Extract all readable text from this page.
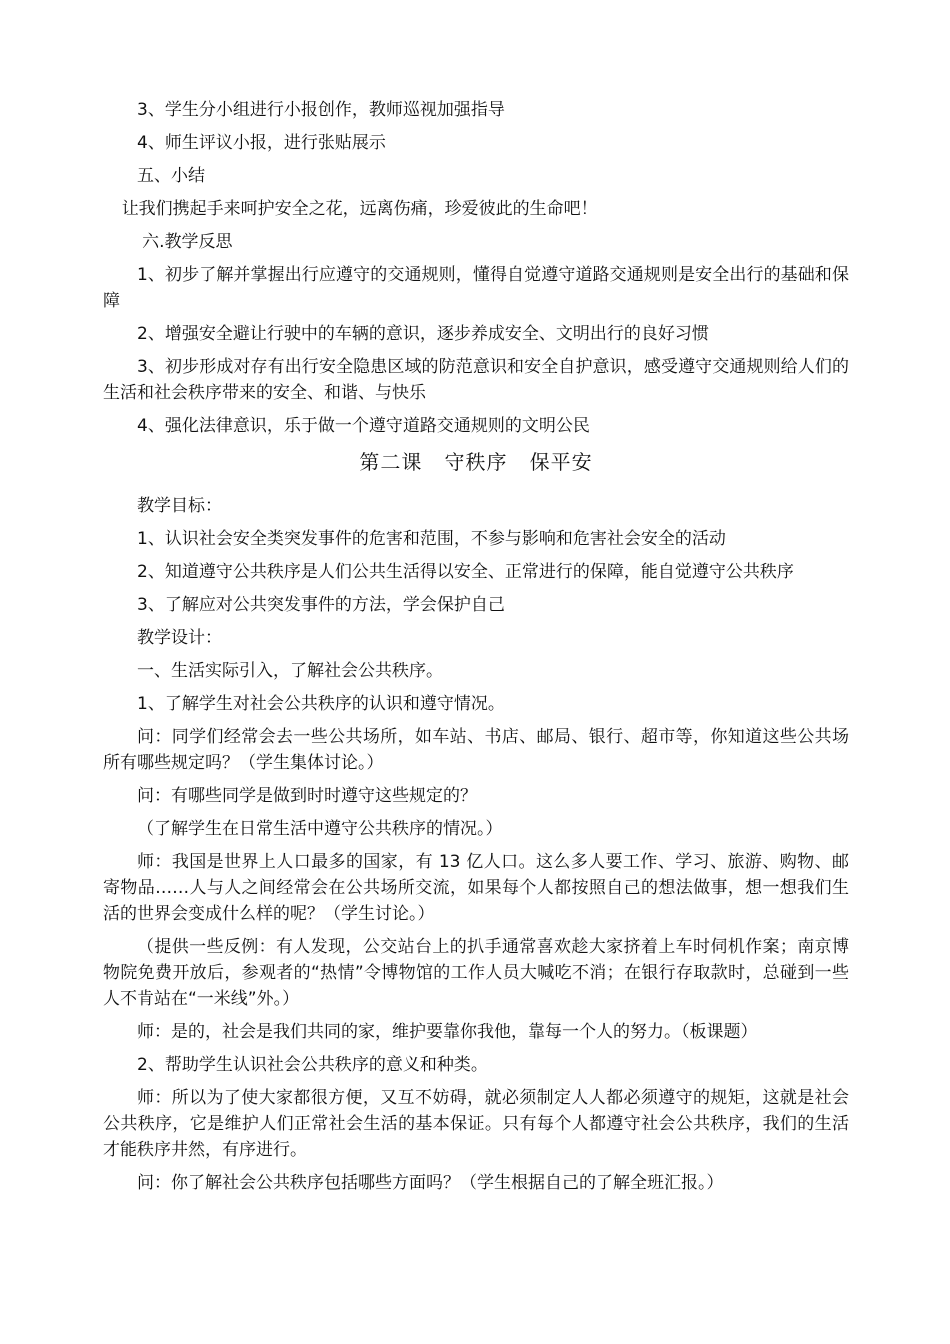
3、学生分小组进行小报创作，教师巡视加强指导

4、师生评议小报，进行张贴展示

五、小结

让我们携起手来呵护安全之花，远离伤痛，珍爱彼此的生命吧！

六.教学反思

1、初步了解并掌握出行应遵守的交通规则，懂得自觉遵守道路交通规则是安全出行的基础和保障

2、增强安全避让行驶中的车辆的意识，逐步养成安全、文明出行的良好习惯

3、初步形成对存有出行安全隐患区域的防范意识和安全自护意识，感受遵守交通规则给人们的生活和社会秩序带来的安全、和谐、与快乐

4、强化法律意识，乐于做一个遵守道路交通规则的文明公民

第二课   守秩序   保平安

教学目标：

1、认识社会安全类突发事件的危害和范围，不参与影响和危害社会安全的活动

2、知道遵守公共秩序是人们公共生活得以安全、正常进行的保障，能自觉遵守公共秩序

3、了解应对公共突发事件的方法，学会保护自己

教学设计：

一、生活实际引入，了解社会公共秩序。

1、了解学生对社会公共秩序的认识和遵守情况。

问：同学们经常会去一些公共场所，如车站、书店、邮局、银行、超市等，你知道这些公共场所有哪些规定吗？（学生集体讨论。）

问：有哪些同学是做到时时遵守这些规定的？

（了解学生在日常生活中遵守公共秩序的情况。）

师：我国是世界上人口最多的国家，有 13 亿人口。这么多人要工作、学习、旅游、购物、邮寄物品……人与人之间经常会在公共场所交流，如果每个人都按照自己的想法做事，想一想我们生活的世界会变成什么样的呢？（学生讨论。）

（提供一些反例：有人发现，公交站台上的扒手通常喜欢趁大家挤着上车时伺机作案；南京博物院免费开放后，参观者的“热情”令博物馆的工作人员大喊吃不消；在银行存取款时，总碰到一些人不肯站在“一米线”外。）

师：是的，社会是我们共同的家，维护要靠你我他，靠每一个人的努力。（板课题）

2、帮助学生认识社会公共秩序的意义和种类。

师：所以为了使大家都很方便，又互不妨碍，就必须制定人人都必须遵守的规矩，这就是社会公共秩序，它是维护人们正常社会生活的基本保证。只有每个人都遵守社会公共秩序，我们的生活才能秩序井然，有序进行。

问：你了解社会公共秩序包括哪些方面吗？（学生根据自己的了解全班汇报。）
